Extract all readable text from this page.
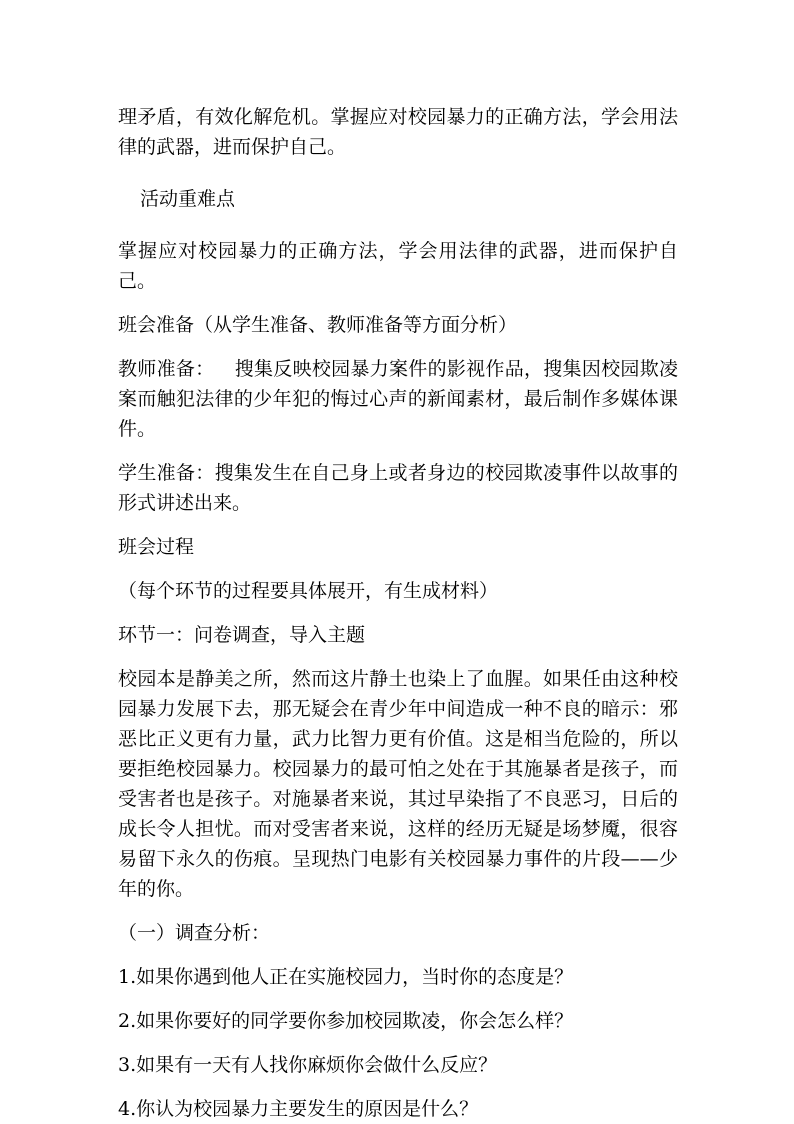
理矛盾，有效化解危机。掌握应对校园暴力的正确方法，学会用法律的武器，进而保护自己。

活动重难点

掌握应对校园暴力的正确方法，学会用法律的武器，进而保护自己。

班会准备（从学生准备、教师准备等方面分析）

教师准备： 搜集反映校园暴力案件的影视作品，搜集因校园欺凌案而触犯法律的少年犯的悔过心声的新闻素材，最后制作多媒体课件。

学生准备：搜集发生在自己身上或者身边的校园欺凌事件以故事的形式讲述出来。

班会过程

（每个环节的过程要具体展开，有生成材料）

环节一：问卷调查，导入主题

校园本是静美之所，然而这片静土也染上了血腥。如果任由这种校园暴力发展下去，那无疑会在青少年中间造成一种不良的暗示：邪恶比正义更有力量，武力比智力更有价值。这是相当危险的，所以要拒绝校园暴力。校园暴力的最可怕之处在于其施暴者是孩子，而受害者也是孩子。对施暴者来说，其过早染指了不良恶习，日后的成长令人担忧。而对受害者来说，这样的经历无疑是场梦魇，很容易留下永久的伤痕。呈现热门电影有关校园暴力事件的片段——少年的你。

（一）调查分析：

1.如果你遇到他人正在实施校园力，当时你的态度是？

2.如果你要好的同学要你参加校园欺凌，你会怎么样？

3.如果有一天有人找你麻烦你会做什么反应？

4.你认为校园暴力主要发生的原因是什么？
